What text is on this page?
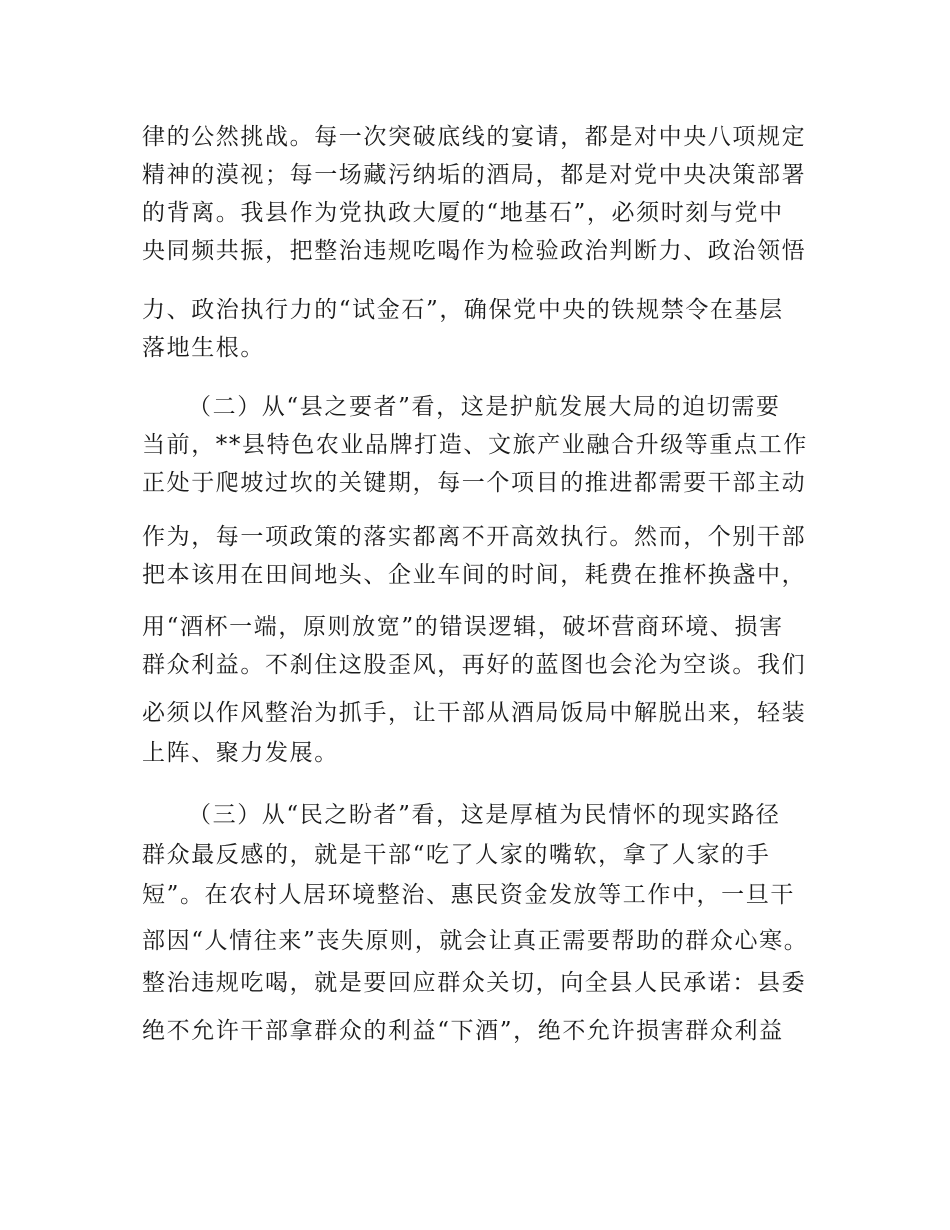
律的公然挑战。每一次突破底线的宴请，都是对中央八项规定
精神的漠视；每一场藏污纳垢的酒局，都是对党中央决策部署
的背离。我县作为党执政大厦的“地基石”，必须时刻与党中
央同频共振，把整治违规吃喝作为检验政治判断力、政治领悟
力、政治执行力的“试金石”，确保党中央的铁规禁令在基层
落地生根。
（二）从“县之要者”看，这是护航发展大局的迫切需要
当前，**县特色农业品牌打造、文旅产业融合升级等重点工作
正处于爬坡过坎的关键期，每一个项目的推进都需要干部主动
作为，每一项政策的落实都离不开高效执行。然而，个别干部
把本该用在田间地头、企业车间的时间，耗费在推杯换盏中，
用“酒杯一端，原则放宽”的错误逻辑，破坏营商环境、损害
群众利益。不刹住这股歪风，再好的蓝图也会沦为空谈。我们
必须以作风整治为抓手，让干部从酒局饭局中解脱出来，轻装
上阵、聚力发展。
（三）从“民之盼者”看，这是厚植为民情怀的现实路径
群众最反感的，就是干部“吃了人家的嘴软，拿了人家的手
短”。在农村人居环境整治、惠民资金发放等工作中，一旦干
部因“人情往来”丧失原则，就会让真正需要帮助的群众心寒。
整治违规吃喝，就是要回应群众关切，向全县人民承诺：县委
绝不允许干部拿群众的利益“下酒”，绝不允许损害群众利益
